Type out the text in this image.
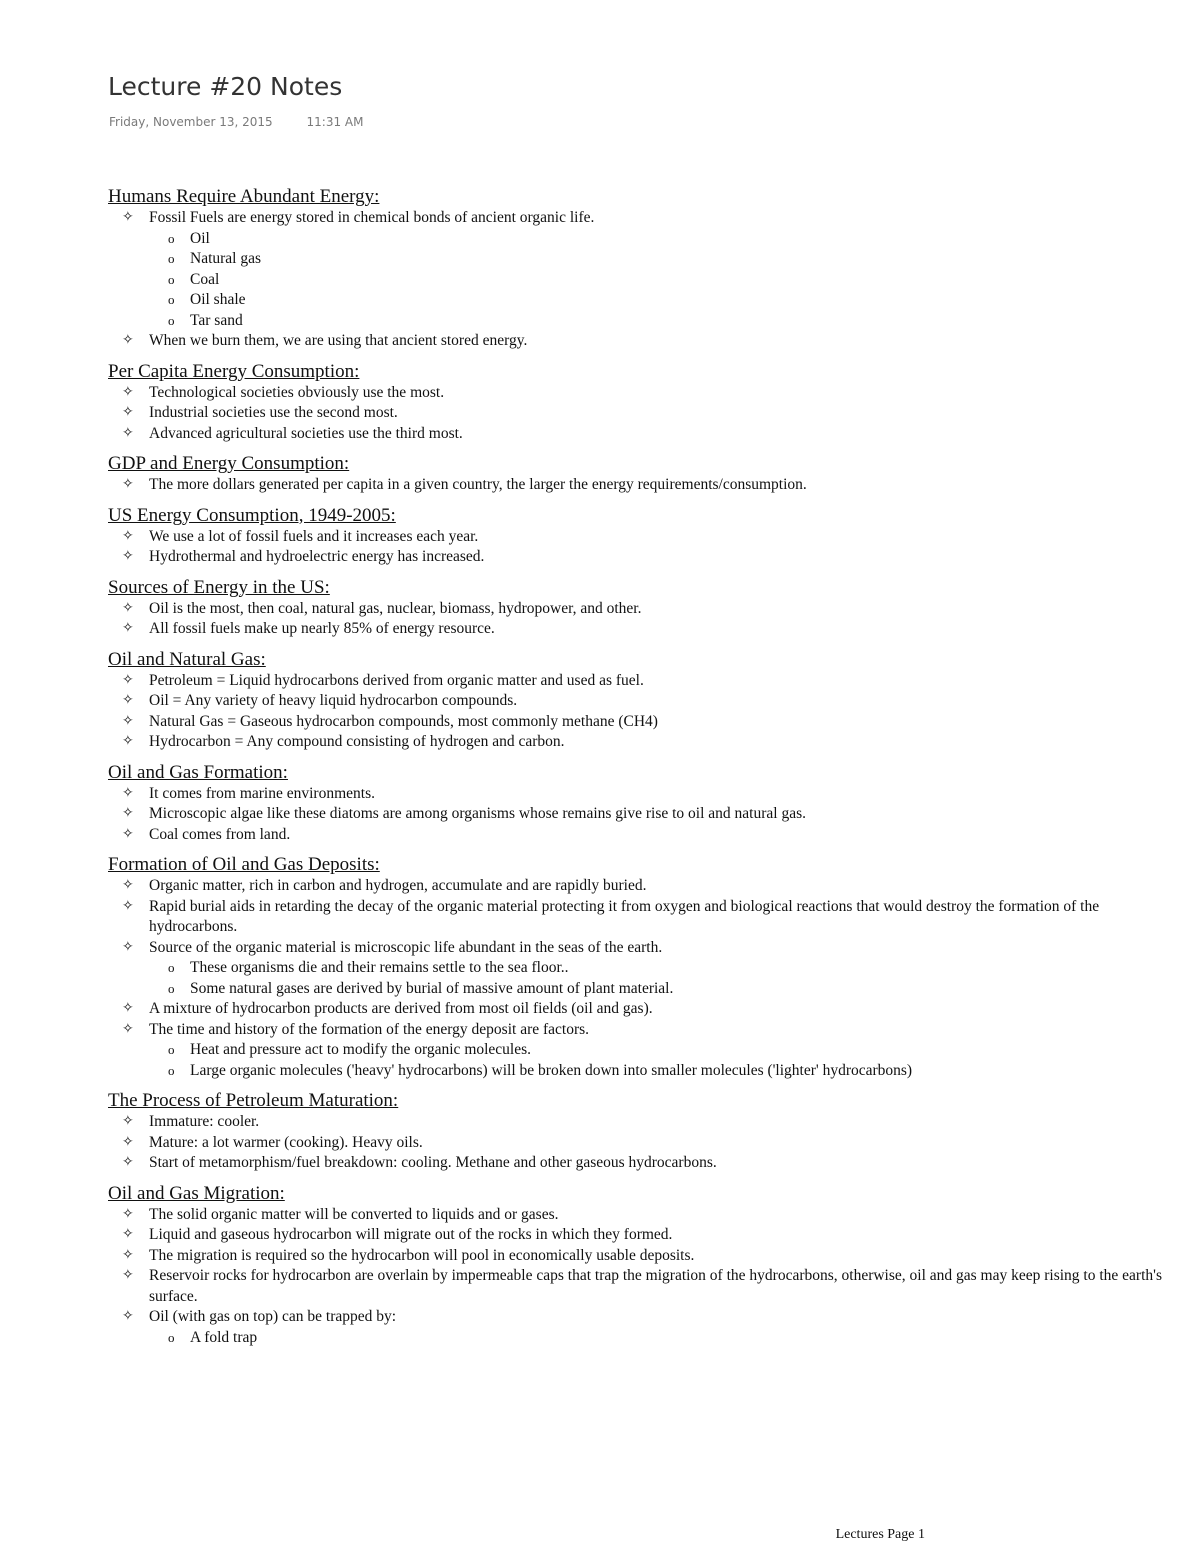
Lecture #20 Notes
Friday, November 13, 2015	11:31 AM
Humans Require Abundant Energy:
✧ Fossil Fuels are energy stored in chemical bonds of ancient organic life.
o Oil
o Natural gas
o Coal
o Oil shale
o Tar sand
✧ When we burn them, we are using that ancient stored energy.
Per Capita Energy Consumption:
✧ Technological societies obviously use the most.
✧ Industrial societies use the second most.
✧ Advanced agricultural societies use the third most.
GDP and Energy Consumption:
✧ The more dollars generated per capita in a given country, the larger the energy requirements/consumption.
US Energy Consumption, 1949-2005:
✧ We use a lot of fossil fuels and it increases each year.
✧ Hydrothermal and hydroelectric energy has increased.
Sources of Energy in the US:
✧ Oil is the most, then coal, natural gas, nuclear, biomass, hydropower, and other.
✧ All fossil fuels make up nearly 85% of energy resource.
Oil and Natural Gas:
✧ Petroleum = Liquid hydrocarbons derived from organic matter and used as fuel.
✧ Oil = Any variety of heavy liquid hydrocarbon compounds.
✧ Natural Gas = Gaseous hydrocarbon compounds, most commonly methane (CH4)
✧ Hydrocarbon = Any compound consisting of hydrogen and carbon.
Oil and Gas Formation:
✧ It comes from marine environments.
✧ Microscopic algae like these diatoms are among organisms whose remains give rise to oil and natural gas.
✧ Coal comes from land.
Formation of Oil and Gas Deposits:
✧ Organic matter, rich in carbon and hydrogen, accumulate and are rapidly buried.
✧ Rapid burial aids in retarding the decay of the organic material protecting it from oxygen and biological reactions that would destroy the formation of the hydrocarbons.
✧ Source of the organic material is microscopic life abundant in the seas of the earth.
o These organisms die and their remains settle to the sea floor..
o Some natural gases are derived by burial of massive amount of plant material.
✧ A mixture of hydrocarbon products are derived from most oil fields (oil and gas).
✧ The time and history of the formation of the energy deposit are factors.
o Heat and pressure act to modify the organic molecules.
o Large organic molecules ('heavy' hydrocarbons) will be broken down into smaller molecules ('lighter' hydrocarbons)
The Process of Petroleum Maturation:
✧ Immature: cooler.
✧ Mature: a lot warmer (cooking). Heavy oils.
✧ Start of metamorphism/fuel breakdown: cooling. Methane and other gaseous hydrocarbons.
Oil and Gas Migration:
✧ The solid organic matter will be converted to liquids and or gases.
✧ Liquid and gaseous hydrocarbon will migrate out of the rocks in which they formed.
✧ The migration is required so the hydrocarbon will pool in economically usable deposits.
✧ Reservoir rocks for hydrocarbon are overlain by impermeable caps that trap the migration of the hydrocarbons, otherwise, oil and gas may keep rising to the earth's surface.
✧ Oil (with gas on top) can be trapped by:
o A fold trap
Lectures Page 1
